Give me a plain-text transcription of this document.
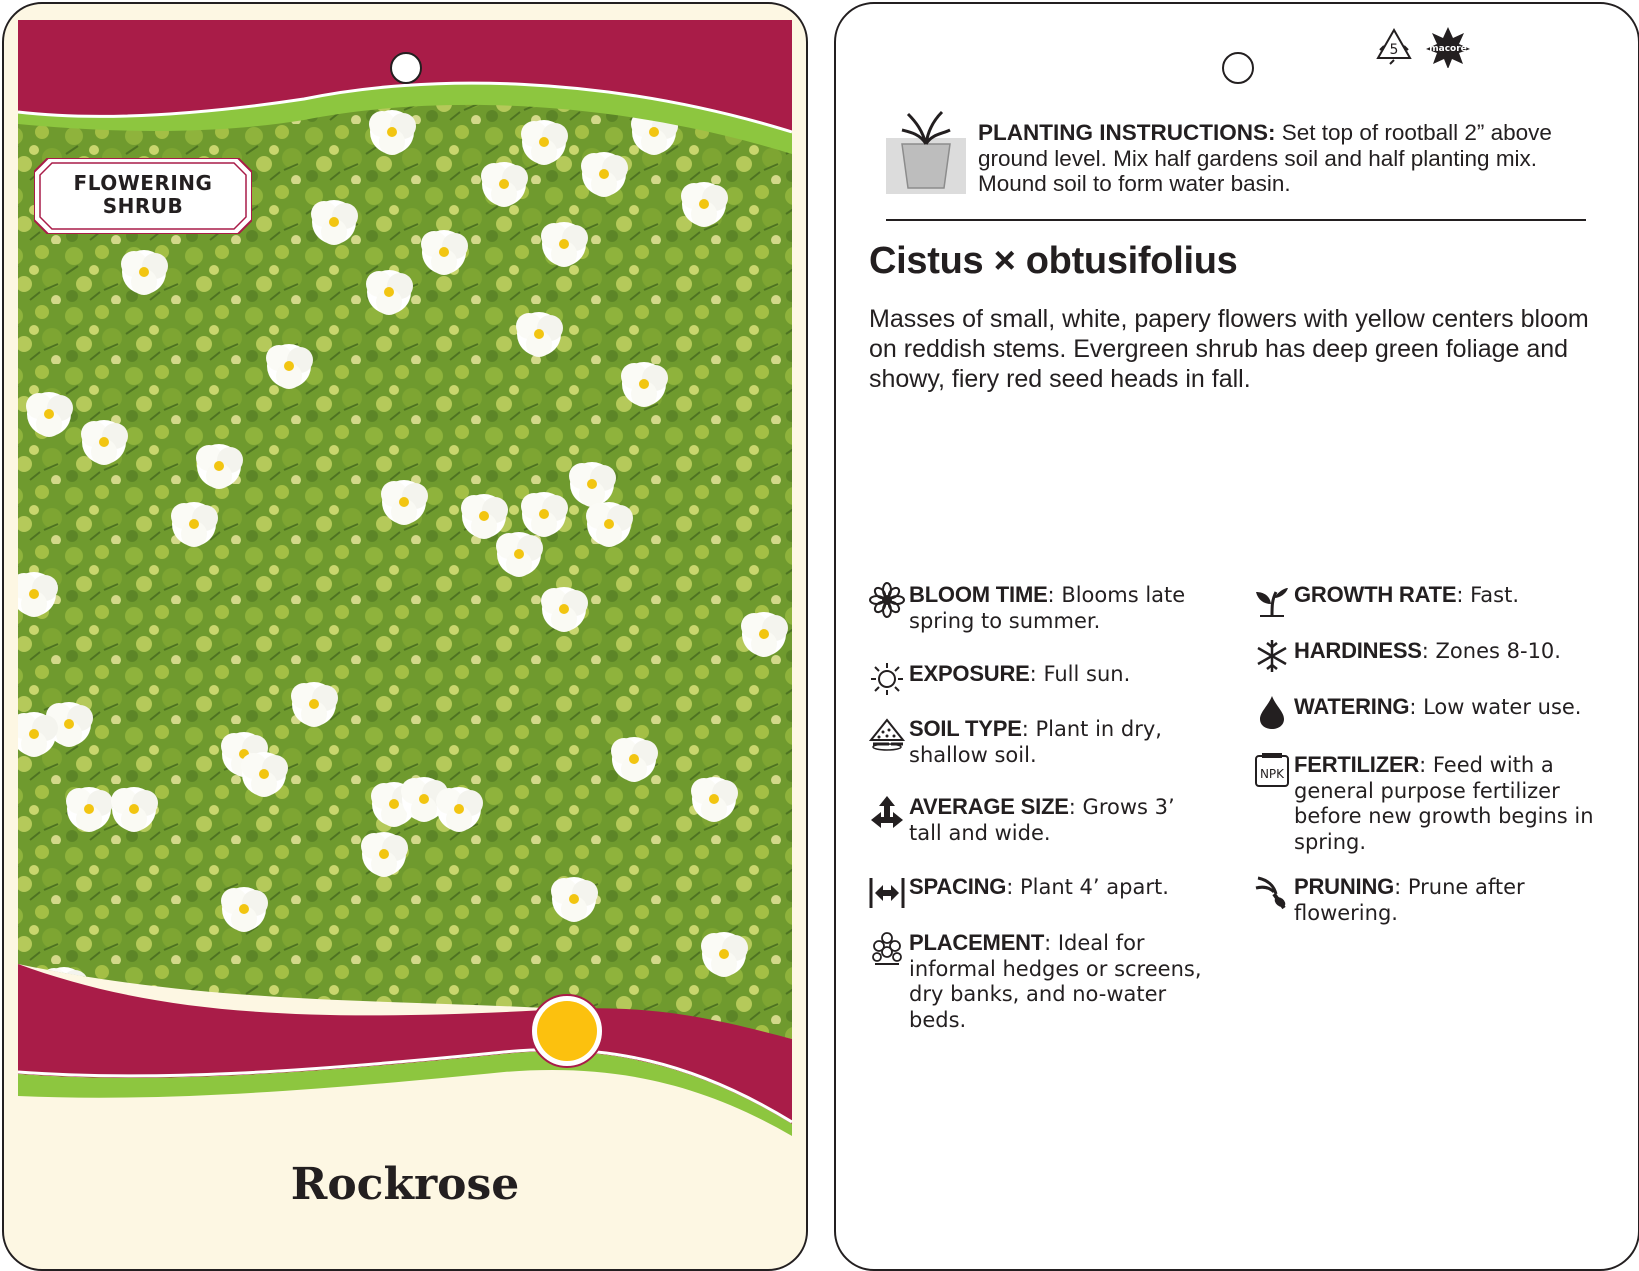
FLOWERING
SHRUB
Rockrose
5	macore
PLANTING INSTRUCTIONS: Set top of rootball 2” above ground level. Mix half gardens soil and half planting mix. Mound soil to form water basin.
Cistus × obtusifolius
Masses of small, white, papery flowers with yellow centers bloom on reddish stems. Evergreen shrub has deep green foliage and showy, fiery red seed heads in fall.
BLOOM TIME: Blooms late spring to summer.
EXPOSURE: Full sun.
SOIL TYPE: Plant in dry, shallow soil.
AVERAGE SIZE: Grows 3’ tall and wide.
SPACING: Plant 4’ apart.
PLACEMENT: Ideal for informal hedges or screens, dry banks, and no-water beds.
GROWTH RATE: Fast.
HARDINESS: Zones 8-10.
WATERING: Low water use.
NPK FERTILIZER: Feed with a general purpose fertilizer before new growth begins in spring.
PRUNING: Prune after flowering.
